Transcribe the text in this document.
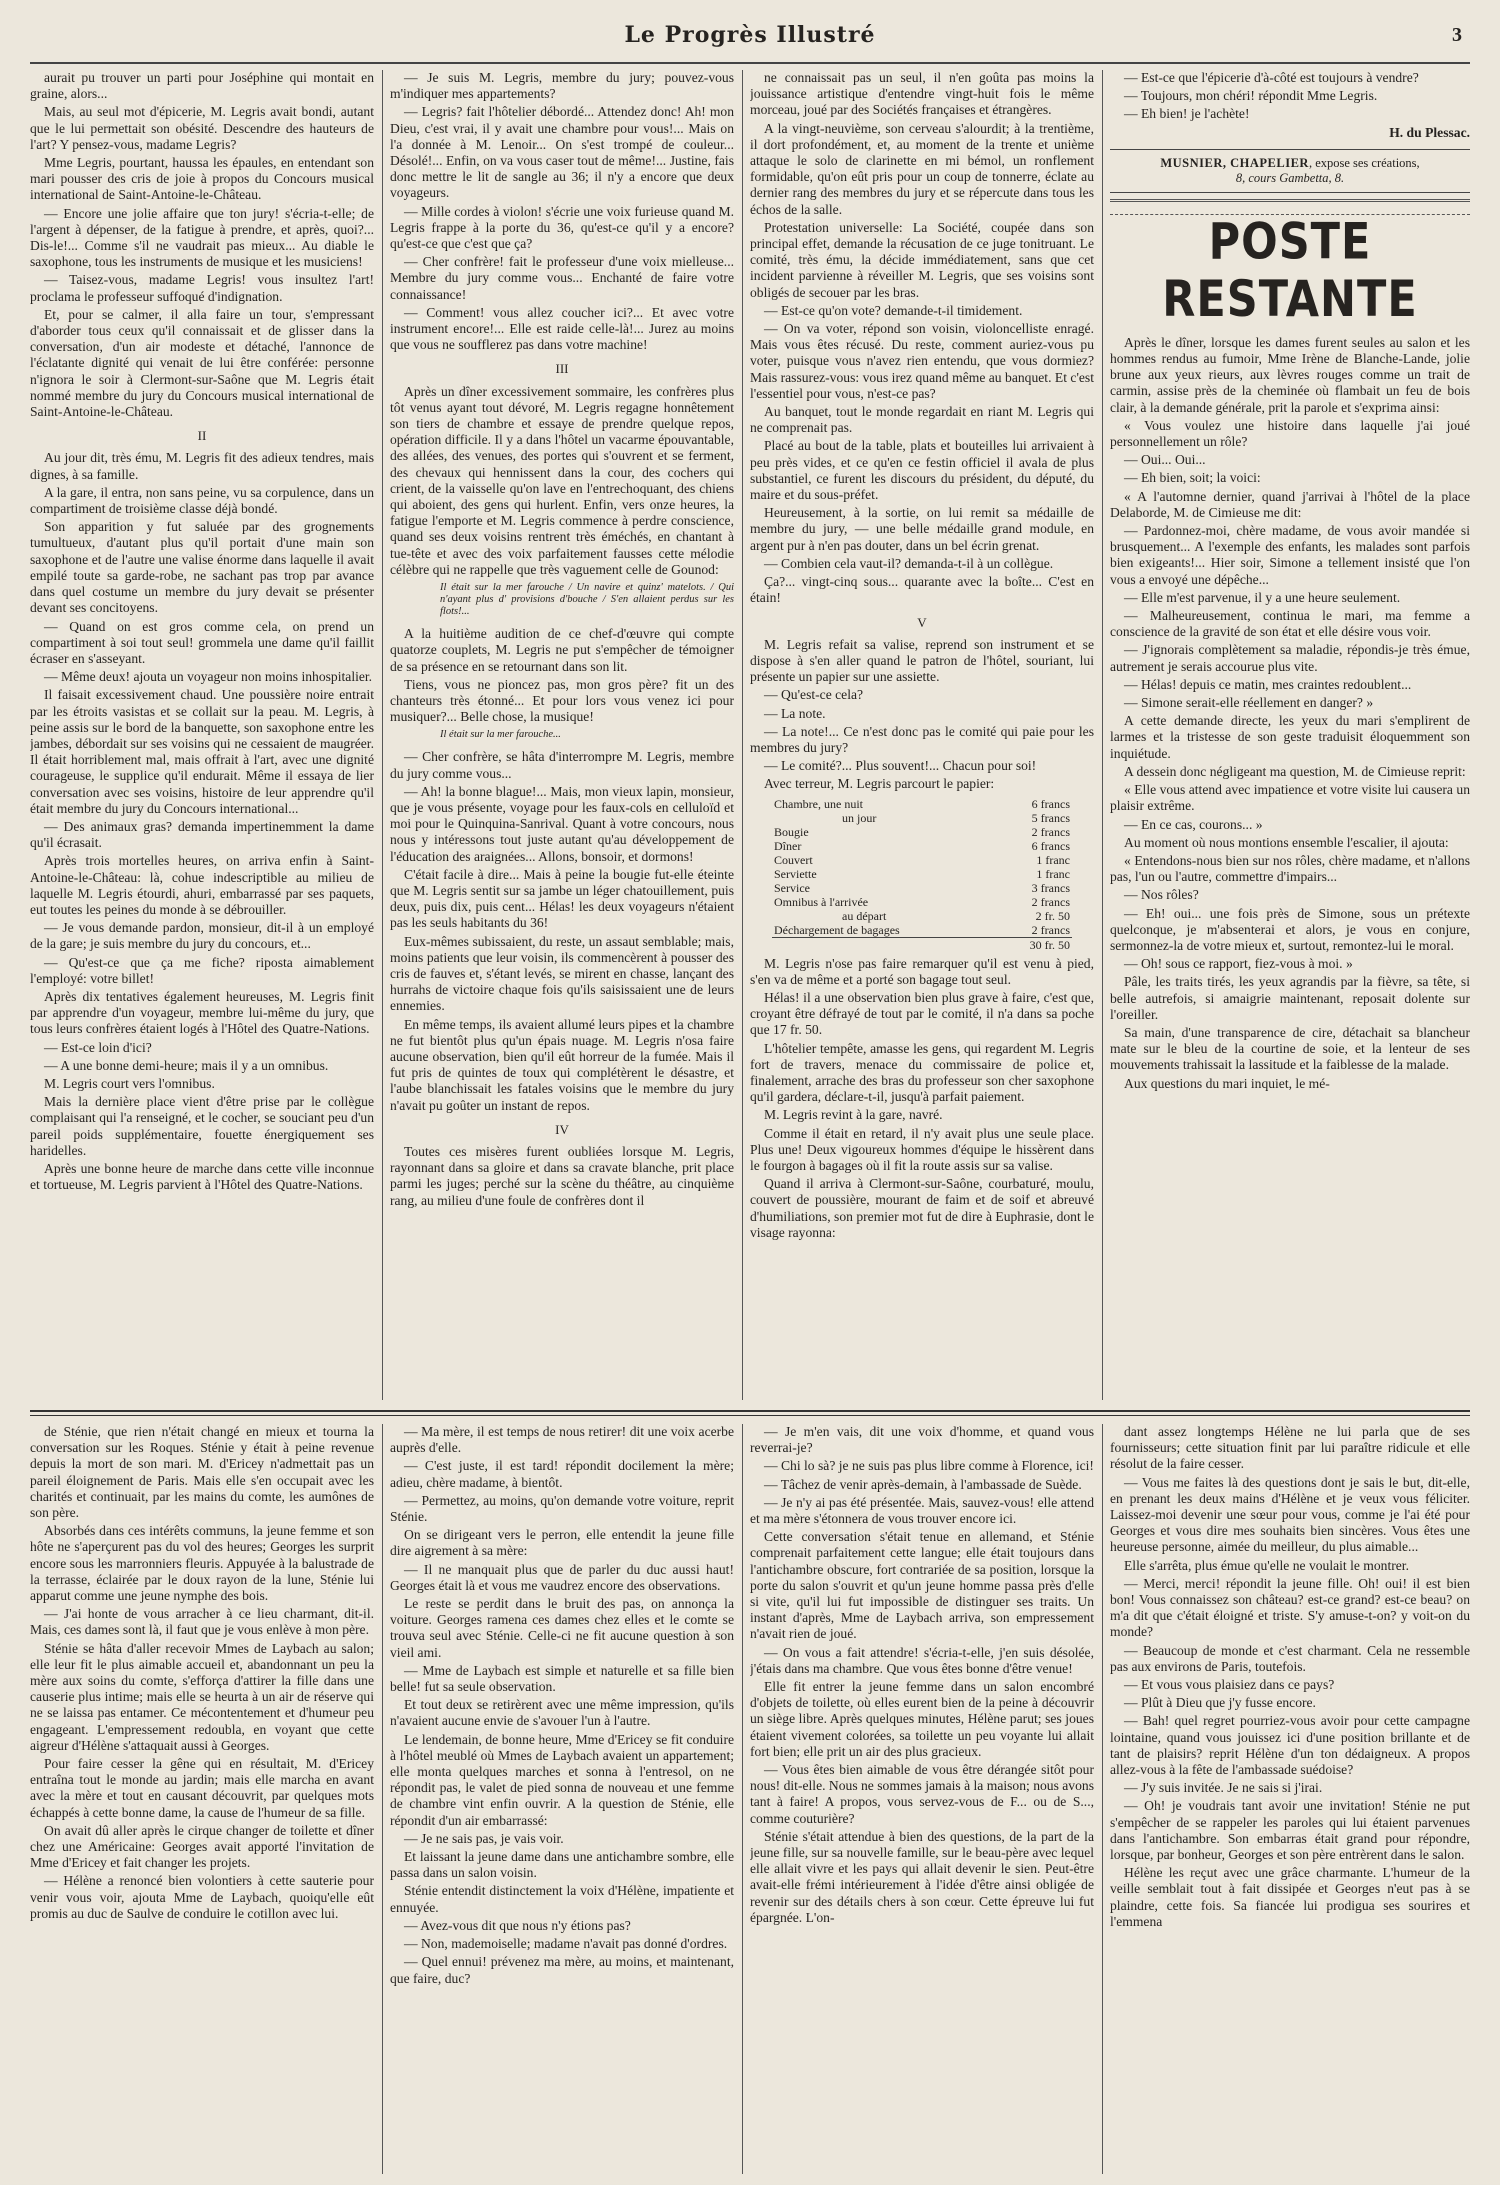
Le Progrès Illustré	3

aurait pu trouver un parti pour Joséphine qui montait en graine, alors...

Mais, au seul mot d'épicerie, M. Legris avait bondi, autant que le lui permettait son obésité. Descendre des hauteurs de l'art? Y pensez-vous, madame Legris?

Mme Legris, pourtant, haussa les épaules, en entendant son mari pousser des cris de joie à propos du Concours musical international de Saint-Antoine-le-Château.

— Encore une jolie affaire que ton jury! s'écria-t-elle; de l'argent à dépenser, de la fatigue à prendre, et après, quoi?... Dis-le!... Comme s'il ne vaudrait pas mieux... Au diable le saxophone, tous les instruments de musique et les musiciens!

— Taisez-vous, madame Legris! vous insultez l'art! proclama le professeur suffoqué d'indignation.

Et, pour se calmer, il alla faire un tour, s'empressant d'aborder tous ceux qu'il connaissait et de glisser dans la conversation, d'un air modeste et détaché, l'annonce de l'éclatante dignité qui venait de lui être conférée: personne n'ignora le soir à Clermont-sur-Saône que M. Legris était nommé membre du jury du Concours musical international de Saint-Antoine-le-Château.

II

Au jour dit, très ému, M. Legris fit des adieux tendres, mais dignes, à sa famille.

A la gare, il entra, non sans peine, vu sa corpulence, dans un compartiment de troisième classe déjà bondé.

Son apparition y fut saluée par des grognements tumultueux, d'autant plus qu'il portait d'une main son saxophone et de l'autre une valise énorme dans laquelle il avait empilé toute sa garde-robe, ne sachant pas trop par avance dans quel costume un membre du jury devait se présenter devant ses concitoyens.

— Quand on est gros comme cela, on prend un compartiment à soi tout seul! grommela une dame qu'il faillit écraser en s'asseyant.

— Même deux! ajouta un voyageur non moins inhospitalier.

Il faisait excessivement chaud. Une poussière noire entrait par les étroits vasistas et se collait sur la peau. M. Legris, à peine assis sur le bord de la banquette, son saxophone entre les jambes, débordait sur ses voisins qui ne cessaient de maugréer. Il était horriblement mal, mais offrait à l'art, avec une dignité courageuse, le supplice qu'il endurait. Même il essaya de lier conversation avec ses voisins, histoire de leur apprendre qu'il était membre du jury du Concours international...

— Des animaux gras? demanda impertinemment la dame qu'il écrasait.

Après trois mortelles heures, on arriva enfin à Saint-Antoine-le-Château: là, cohue indescriptible au milieu de laquelle M. Legris étourdi, ahuri, embarrassé par ses paquets, eut toutes les peines du monde à se débrouiller.

— Je vous demande pardon, monsieur, dit-il à un employé de la gare; je suis membre du jury du concours, et...

— Qu'est-ce que ça me fiche? riposta aimablement l'employé: votre billet!

Après dix tentatives également heureuses, M. Legris finit par apprendre d'un voyageur, membre lui-même du jury, que tous leurs confrères étaient logés à l'Hôtel des Quatre-Nations.

— Est-ce loin d'ici?

— A une bonne demi-heure; mais il y a un omnibus.

M. Legris court vers l'omnibus.

Mais la dernière place vient d'être prise par le collègue complaisant qui l'a renseigné, et le cocher, se souciant peu d'un pareil poids supplémentaire, fouette énergiquement ses haridelles.

Après une bonne heure de marche dans cette ville inconnue et tortueuse, M. Legris parvient à l'Hôtel des Quatre-Nations.

— Je suis M. Legris, membre du jury; pouvez-vous m'indiquer mes appartements?

— Legris? fait l'hôtelier débordé... Attendez donc! Ah! mon Dieu, c'est vrai, il y avait une chambre pour vous!... Mais on l'a donnée à M. Lenoir... On s'est trompé de couleur... Désolé!... Enfin, on va vous caser tout de même!... Justine, fais donc mettre le lit de sangle au 36; il n'y a encore que deux voyageurs.

— Mille cordes à violon! s'écrie une voix furieuse quand M. Legris frappe à la porte du 36, qu'est-ce qu'il y a encore? qu'est-ce que c'est que ça?

— Cher confrère! fait le professeur d'une voix mielleuse... Membre du jury comme vous... Enchanté de faire votre connaissance!

— Comment! vous allez coucher ici?... Et avec votre instrument encore!... Elle est raide celle-là!... Jurez au moins que vous ne soufflerez pas dans votre machine!

III

Après un dîner excessivement sommaire, les confrères plus tôt venus ayant tout dévoré, M. Legris regagne honnêtement son tiers de chambre et essaye de prendre quelque repos, opération difficile. Il y a dans l'hôtel un vacarme épouvantable, des allées, des venues, des portes qui s'ouvrent et se ferment, des chevaux qui hennissent dans la cour, des cochers qui crient, de la vaisselle qu'on lave en l'entrechoquant, des chiens qui aboient, des gens qui hurlent. Enfin, vers onze heures, la fatigue l'emporte et M. Legris commence à perdre conscience, quand ses deux voisins rentrent très éméchés, en chantant à tue-tête et avec des voix parfaitement fausses cette mélodie célèbre qui ne rappelle que très vaguement celle de Gounod:

Il était sur la mer farouche / Un navire et quinz' matelots. / Qui n'ayant plus d' provisions d'bouche / S'en allaient perdus sur les flots!...

A la huitième audition de ce chef-d'œuvre qui compte quatorze couplets, M. Legris ne put s'empêcher de témoigner de sa présence en se retournant dans son lit.

Tiens, vous ne pioncez pas, mon gros père? fit un des chanteurs très étonné... Et pour lors vous venez ici pour musiquer?... Belle chose, la musique!

Il était sur la mer farouche...

— Cher confrère, se hâta d'interrompre M. Legris, membre du jury comme vous...

— Ah! la bonne blague!... Mais, mon vieux lapin, monsieur, que je vous présente, voyage pour les faux-cols en celluloïd et moi pour le Quinquina-Sanrival. Quant à votre concours, nous nous y intéressons tout juste autant qu'au développement de l'éducation des araignées... Allons, bonsoir, et dormons!

C'était facile à dire... Mais à peine la bougie fut-elle éteinte que M. Legris sentit sur sa jambe un léger chatouillement, puis deux, puis dix, puis cent... Hélas! les deux voyageurs n'étaient pas les seuls habitants du 36!

Eux-mêmes subissaient, du reste, un assaut semblable; mais, moins patients que leur voisin, ils commencèrent à pousser des cris de fauves et, s'étant levés, se mirent en chasse, lançant des hurrahs de victoire chaque fois qu'ils saisissaient une de leurs ennemies.

En même temps, ils avaient allumé leurs pipes et la chambre ne fut bientôt plus qu'un épais nuage. M. Legris n'osa faire aucune observation, bien qu'il eût horreur de la fumée. Mais il fut pris de quintes de toux qui complétèrent le désastre, et l'aube blanchissait les fatales voisins que le membre du jury n'avait pu goûter un instant de repos.

IV

Toutes ces misères furent oubliées lorsque M. Legris, rayonnant dans sa gloire et dans sa cravate blanche, prit place parmi les juges; perché sur la scène du théâtre, au cinquième rang, au milieu d'une foule de confrères dont il

ne connaissait pas un seul, il n'en goûta pas moins la jouissance artistique d'entendre vingt-huit fois le même morceau, joué par des Sociétés françaises et étrangères.

A la vingt-neuvième, son cerveau s'alourdit; à la trentième, il dort profondément, et, au moment de la trente et unième attaque le solo de clarinette en mi bémol, un ronflement formidable, qu'on eût pris pour un coup de tonnerre, éclate au dernier rang des membres du jury et se répercute dans tous les échos de la salle.

Protestation universelle: La Société, coupée dans son principal effet, demande la récusation de ce juge tonitruant. Le comité, très ému, la décide immédiatement, sans que cet incident parvienne à réveiller M. Legris, que ses voisins sont obligés de secouer par les bras.

— Est-ce qu'on vote? demande-t-il timidement.

— On va voter, répond son voisin, violoncelliste enragé. Mais vous êtes récusé. Du reste, comment auriez-vous pu voter, puisque vous n'avez rien entendu, que vous dormiez? Mais rassurez-vous: vous irez quand même au banquet. Et c'est l'essentiel pour vous, n'est-ce pas?

Au banquet, tout le monde regardait en riant M. Legris qui ne comprenait pas.

Placé au bout de la table, plats et bouteilles lui arrivaient à peu près vides, et ce qu'en ce festin officiel il avala de plus substantiel, ce furent les discours du président, du député, du maire et du sous-préfet.

Heureusement, à la sortie, on lui remit sa médaille de membre du jury, — une belle médaille grand module, en argent pur à n'en pas douter, dans un bel écrin grenat.

— Combien cela vaut-il? demanda-t-il à un collègue.

Ça?... vingt-cinq sous... quarante avec la boîte... C'est en étain!

V

M. Legris refait sa valise, reprend son instrument et se dispose à s'en aller quand le patron de l'hôtel, souriant, lui présente un papier sur une assiette.

— Qu'est-ce cela?

— La note.

— La note!... Ce n'est donc pas le comité qui paie pour les membres du jury?

— Le comité?... Plus souvent!... Chacun pour soi!

Avec terreur, M. Legris parcourt le papier:

Chambre, une nuit	6 francs
un jour	5 francs
Bougie	2 francs
Dîner	6 francs
Couvert	1 franc
Serviette	1 franc
Service	3 francs
Omnibus à l'arrivée	2 francs
au départ	2 fr. 50
Déchargement de bagages	2 francs
	30 fr. 50

M. Legris n'ose pas faire remarquer qu'il est venu à pied, s'en va de même et a porté son bagage tout seul.

Hélas! il a une observation bien plus grave à faire, c'est que, croyant être défrayé de tout par le comité, il n'a dans sa poche que 17 fr. 50.

L'hôtelier tempête, amasse les gens, qui regardent M. Legris fort de travers, menace du commissaire de police et, finalement, arrache des bras du professeur son cher saxophone qu'il gardera, déclare-t-il, jusqu'à parfait paiement.

M. Legris revint à la gare, navré.

Comme il était en retard, il n'y avait plus une seule place. Plus une! Deux vigoureux hommes d'équipe le hissèrent dans le fourgon à bagages où il fit la route assis sur sa valise.

Quand il arriva à Clermont-sur-Saône, courbaturé, moulu, couvert de poussière, mourant de faim et de soif et abreuvé d'humiliations, son premier mot fut de dire à Euphrasie, dont le visage rayonna:

— Est-ce que l'épicerie d'à-côté est toujours à vendre?

— Toujours, mon chéri! répondit Mme Legris.

— Eh bien! je l'achète!

H. du Plessac.

MUSNIER, CHAPELIER, expose ses créations,
8, cours Gambetta, 8.
POSTE RESTANTE

Après le dîner, lorsque les dames furent seules au salon et les hommes rendus au fumoir, Mme Irène de Blanche-Lande, jolie brune aux yeux rieurs, aux lèvres rouges comme un trait de carmin, assise près de la cheminée où flambait un feu de bois clair, à la demande générale, prit la parole et s'exprima ainsi:

« Vous voulez une histoire dans laquelle j'ai joué personnellement un rôle?

— Oui... Oui...

— Eh bien, soit; la voici:

« A l'automne dernier, quand j'arrivai à l'hôtel de la place Delaborde, M. de Cimieuse me dit:

— Pardonnez-moi, chère madame, de vous avoir mandée si brusquement... A l'exemple des enfants, les malades sont parfois bien exigeants!... Hier soir, Simone a tellement insisté que l'on vous a envoyé une dépêche...

— Elle m'est parvenue, il y a une heure seulement.

— Malheureusement, continua le mari, ma femme a conscience de la gravité de son état et elle désire vous voir.

— J'ignorais complètement sa maladie, répondis-je très émue, autrement je serais accourue plus vite.

— Hélas! depuis ce matin, mes craintes redoublent...

— Simone serait-elle réellement en danger? »

A cette demande directe, les yeux du mari s'emplirent de larmes et la tristesse de son geste traduisit éloquemment son inquiétude.

A dessein donc négligeant ma question, M. de Cimieuse reprit:

« Elle vous attend avec impatience et votre visite lui causera un plaisir extrême.

— En ce cas, courons... »

Au moment où nous montions ensemble l'escalier, il ajouta:

« Entendons-nous bien sur nos rôles, chère madame, et n'allons pas, l'un ou l'autre, commettre d'impairs...

— Nos rôles?

— Eh! oui... une fois près de Simone, sous un prétexte quelconque, je m'absenterai et alors, je vous en conjure, sermonnez-la de votre mieux et, surtout, remontez-lui le moral.

— Oh! sous ce rapport, fiez-vous à moi. »

Pâle, les traits tirés, les yeux agrandis par la fièvre, sa tête, si belle autrefois, si amaigrie maintenant, reposait dolente sur l'oreiller.

Sa main, d'une transparence de cire, détachait sa blancheur mate sur le bleu de la courtine de soie, et la lenteur de ses mouvements trahissait la lassitude et la faiblesse de la malade.

Aux questions du mari inquiet, le mé-

de Sténie, que rien n'était changé en mieux et tourna la conversation sur les Roques. Sténie y était à peine revenue depuis la mort de son mari. M. d'Ericey n'admettait pas un pareil éloignement de Paris. Mais elle s'en occupait avec les charités et continuait, par les mains du comte, les aumônes de son père.

Absorbés dans ces intérêts communs, la jeune femme et son hôte ne s'aperçurent pas du vol des heures; Georges les surprit encore sous les marronniers fleuris. Appuyée à la balustrade de la terrasse, éclairée par le doux rayon de la lune, Sténie lui apparut comme une jeune nymphe des bois.

— J'ai honte de vous arracher à ce lieu charmant, dit-il. Mais, ces dames sont là, il faut que je vous enlève à mon père.

Sténie se hâta d'aller recevoir Mmes de Laybach au salon; elle leur fit le plus aimable accueil et, abandonnant un peu la mère aux soins du comte, s'efforça d'attirer la fille dans une causerie plus intime; mais elle se heurta à un air de réserve qui ne se laissa pas entamer. Ce mécontentement et d'humeur peu engageant. L'empressement redoubla, en voyant que cette aigreur d'Hélène s'attaquait aussi à Georges.

Pour faire cesser la gêne qui en résultait, M. d'Ericey entraîna tout le monde au jardin; mais elle marcha en avant avec la mère et tout en causant découvrit, par quelques mots échappés à cette bonne dame, la cause de l'humeur de sa fille.

On avait dû aller après le cirque changer de toilette et dîner chez une Américaine: Georges avait apporté l'invitation de Mme d'Ericey et fait changer les projets.

— Hélène a renoncé bien volontiers à cette sauterie pour venir vous voir, ajouta Mme de Laybach, quoiqu'elle eût promis au duc de Saulve de conduire le cotillon avec lui.

— Ma mère, il est temps de nous retirer! dit une voix acerbe auprès d'elle.

— C'est juste, il est tard! répondit docilement la mère; adieu, chère madame, à bientôt.

— Permettez, au moins, qu'on demande votre voiture, reprit Sténie.

On se dirigeant vers le perron, elle entendit la jeune fille dire aigrement à sa mère:

— Il ne manquait plus que de parler du duc aussi haut! Georges était là et vous me vaudrez encore des observations.

Le reste se perdit dans le bruit des pas, on annonça la voiture. Georges ramena ces dames chez elles et le comte se trouva seul avec Sténie. Celle-ci ne fit aucune question à son vieil ami.

— Mme de Laybach est simple et naturelle et sa fille bien belle! fut sa seule observation.

Et tout deux se retirèrent avec une même impression, qu'ils n'avaient aucune envie de s'avouer l'un à l'autre.

Le lendemain, de bonne heure, Mme d'Ericey se fit conduire à l'hôtel meublé où Mmes de Laybach avaient un appartement; elle monta quelques marches et sonna à l'entresol, on ne répondit pas, le valet de pied sonna de nouveau et une femme de chambre vint enfin ouvrir. A la question de Sténie, elle répondit d'un air embarrassé:

— Je ne sais pas, je vais voir.

Et laissant la jeune dame dans une antichambre sombre, elle passa dans un salon voisin.

Sténie entendit distinctement la voix d'Hélène, impatiente et ennuyée.

— Avez-vous dit que nous n'y étions pas?

— Non, mademoiselle; madame n'avait pas donné d'ordres.

— Quel ennui! prévenez ma mère, au moins, et maintenant, que faire, duc?

— Je m'en vais, dit une voix d'homme, et quand vous reverrai-je?

— Chi lo sà? je ne suis pas plus libre comme à Florence, ici!

— Tâchez de venir après-demain, à l'ambassade de Suède.

— Je n'y ai pas été présentée. Mais, sauvez-vous! elle attend et ma mère s'étonnera de vous trouver encore ici.

Cette conversation s'était tenue en allemand, et Sténie comprenait parfaitement cette langue; elle était toujours dans l'antichambre obscure, fort contrariée de sa position, lorsque la porte du salon s'ouvrit et qu'un jeune homme passa près d'elle si vite, qu'il lui fut impossible de distinguer ses traits. Un instant d'après, Mme de Laybach arriva, son empressement n'avait rien de joué.

— On vous a fait attendre! s'écria-t-elle, j'en suis désolée, j'étais dans ma chambre. Que vous êtes bonne d'être venue!

Elle fit entrer la jeune femme dans un salon encombré d'objets de toilette, où elles eurent bien de la peine à découvrir un siège libre. Après quelques minutes, Hélène parut; ses joues étaient vivement colorées, sa toilette un peu voyante lui allait fort bien; elle prit un air des plus gracieux.

— Vous êtes bien aimable de vous être dérangée sitôt pour nous! dit-elle. Nous ne sommes jamais à la maison; nous avons tant à faire! A propos, vous servez-vous de F... ou de S..., comme couturière?

Sténie s'était attendue à bien des questions, de la part de la jeune fille, sur sa nouvelle famille, sur le beau-père avec lequel elle allait vivre et les pays qui allait devenir le sien. Peut-être avait-elle frémi intérieurement à l'idée d'être ainsi obligée de revenir sur des détails chers à son cœur. Cette épreuve lui fut épargnée. L'on-

dant assez longtemps Hélène ne lui parla que de ses fournisseurs; cette situation finit par lui paraître ridicule et elle résolut de la faire cesser.

— Vous me faites là des questions dont je sais le but, dit-elle, en prenant les deux mains d'Hélène et je veux vous féliciter. Laissez-moi devenir une sœur pour vous, comme je l'ai été pour Georges et vous dire mes souhaits bien sincères. Vous êtes une heureuse personne, aimée du meilleur, du plus aimable...

Elle s'arrêta, plus émue qu'elle ne voulait le montrer.

— Merci, merci! répondit la jeune fille. Oh! oui! il est bien bon! Vous connaissez son château? est-ce grand? est-ce beau? on m'a dit que c'était éloigné et triste. S'y amuse-t-on? y voit-on du monde?

— Beaucoup de monde et c'est charmant. Cela ne ressemble pas aux environs de Paris, toutefois.

— Et vous vous plaisiez dans ce pays?

— Plût à Dieu que j'y fusse encore.

— Bah! quel regret pourriez-vous avoir pour cette campagne lointaine, quand vous jouissez ici d'une position brillante et de tant de plaisirs? reprit Hélène d'un ton dédaigneux. A propos allez-vous à la fête de l'ambassade suédoise?

— J'y suis invitée. Je ne sais si j'irai.

— Oh! je voudrais tant avoir une invitation! Sténie ne put s'empêcher de se rappeler les paroles qui lui étaient parvenues dans l'antichambre. Son embarras était grand pour répondre, lorsque, par bonheur, Georges et son père entrèrent dans le salon.

Hélène les reçut avec une grâce charmante. L'humeur de la veille semblait tout à fait dissipée et Georges n'eut pas à se plaindre, cette fois. Sa fiancée lui prodigua ses sourires et l'emmena
